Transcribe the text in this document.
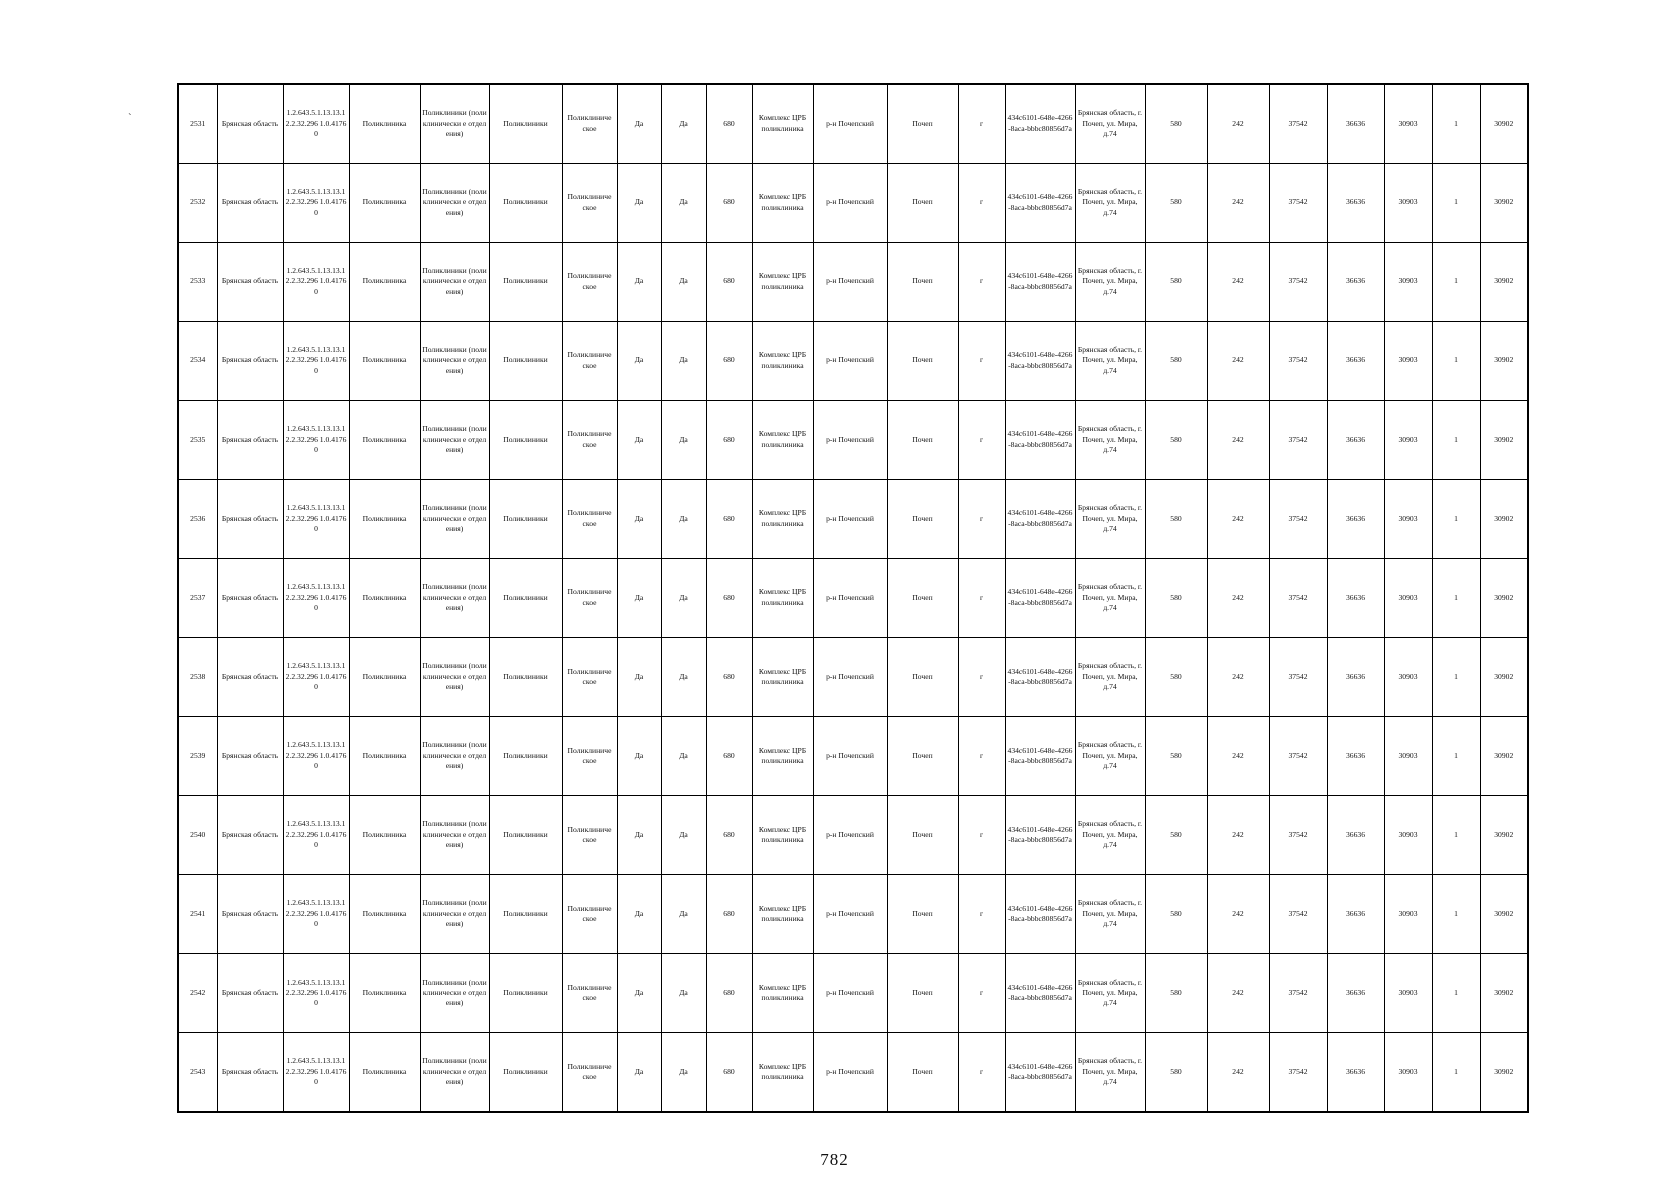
`	2531	Брянская область	1.2.643.5.1.13.13.12.2.32.296 1.0.41760	Поликлиника	Поликлиники (поликлинически е отделения)	Поликлиники	Поликлиниче ское	Да	Да	680	Комплекс ЦРБ поликлиника	р-н Почепский	Почеп	г	434c6101-648e-4266-8aca-bbbc80856d7a	Брянская область, г. Почеп, ул. Мира, д.74	580	242	37542	36636	30903	1	30902
2532	Брянская область	1.2.643.5.1.13.13.12.2.32.296 1.0.41760	Поликлиника	Поликлиники (поликлинически е отделения)	Поликлиники	Поликлиниче ское	Да	Да	680	Комплекс ЦРБ поликлиника	р-н Почепский	Почеп	г	434c6101-648e-4266-8aca-bbbc80856d7a	Брянская область, г. Почеп, ул. Мира, д.74	580	242	37542	36636	30903	1	30902
2533	Брянская область	1.2.643.5.1.13.13.12.2.32.296 1.0.41760	Поликлиника	Поликлиники (поликлинически е отделения)	Поликлиники	Поликлиниче ское	Да	Да	680	Комплекс ЦРБ поликлиника	р-н Почепский	Почеп	г	434c6101-648e-4266-8aca-bbbc80856d7a	Брянская область, г. Почеп, ул. Мира, д.74	580	242	37542	36636	30903	1	30902
2534	Брянская область	1.2.643.5.1.13.13.12.2.32.296 1.0.41760	Поликлиника	Поликлиники (поликлинически е отделения)	Поликлиники	Поликлиниче ское	Да	Да	680	Комплекс ЦРБ поликлиника	р-н Почепский	Почеп	г	434c6101-648e-4266-8aca-bbbc80856d7a	Брянская область, г. Почеп, ул. Мира, д.74	580	242	37542	36636	30903	1	30902
2535	Брянская область	1.2.643.5.1.13.13.12.2.32.296 1.0.41760	Поликлиника	Поликлиники (поликлинически е отделения)	Поликлиники	Поликлиниче ское	Да	Да	680	Комплекс ЦРБ поликлиника	р-н Почепский	Почеп	г	434c6101-648e-4266-8aca-bbbc80856d7a	Брянская область, г. Почеп, ул. Мира, д.74	580	242	37542	36636	30903	1	30902
2536	Брянская область	1.2.643.5.1.13.13.12.2.32.296 1.0.41760	Поликлиника	Поликлиники (поликлинически е отделения)	Поликлиники	Поликлиниче ское	Да	Да	680	Комплекс ЦРБ поликлиника	р-н Почепский	Почеп	г	434c6101-648e-4266-8aca-bbbc80856d7a	Брянская область, г. Почеп, ул. Мира, д.74	580	242	37542	36636	30903	1	30902
2537	Брянская область	1.2.643.5.1.13.13.12.2.32.296 1.0.41760	Поликлиника	Поликлиники (поликлинически е отделения)	Поликлиники	Поликлиниче ское	Да	Да	680	Комплекс ЦРБ поликлиника	р-н Почепский	Почеп	г	434c6101-648e-4266-8aca-bbbc80856d7a	Брянская область, г. Почеп, ул. Мира, д.74	580	242	37542	36636	30903	1	30902
2538	Брянская область	1.2.643.5.1.13.13.12.2.32.296 1.0.41760	Поликлиника	Поликлиники (поликлинически е отделения)	Поликлиники	Поликлиниче ское	Да	Да	680	Комплекс ЦРБ поликлиника	р-н Почепский	Почеп	г	434c6101-648e-4266-8aca-bbbc80856d7a	Брянская область, г. Почеп, ул. Мира, д.74	580	242	37542	36636	30903	1	30902
2539	Брянская область	1.2.643.5.1.13.13.12.2.32.296 1.0.41760	Поликлиника	Поликлиники (поликлинически е отделения)	Поликлиники	Поликлиниче ское	Да	Да	680	Комплекс ЦРБ поликлиника	р-н Почепский	Почеп	г	434c6101-648e-4266-8aca-bbbc80856d7a	Брянская область, г. Почеп, ул. Мира, д.74	580	242	37542	36636	30903	1	30902
2540	Брянская область	1.2.643.5.1.13.13.12.2.32.296 1.0.41760	Поликлиника	Поликлиники (поликлинически е отделения)	Поликлиники	Поликлиниче ское	Да	Да	680	Комплекс ЦРБ поликлиника	р-н Почепский	Почеп	г	434c6101-648e-4266-8aca-bbbc80856d7a	Брянская область, г. Почеп, ул. Мира, д.74	580	242	37542	36636	30903	1	30902
2541	Брянская область	1.2.643.5.1.13.13.12.2.32.296 1.0.41760	Поликлиника	Поликлиники (поликлинически е отделения)	Поликлиники	Поликлиниче ское	Да	Да	680	Комплекс ЦРБ поликлиника	р-н Почепский	Почеп	г	434c6101-648e-4266-8aca-bbbc80856d7a	Брянская область, г. Почеп, ул. Мира, д.74	580	242	37542	36636	30903	1	30902
2542	Брянская область	1.2.643.5.1.13.13.12.2.32.296 1.0.41760	Поликлиника	Поликлиники (поликлинически е отделения)	Поликлиники	Поликлиниче ское	Да	Да	680	Комплекс ЦРБ поликлиника	р-н Почепский	Почеп	г	434c6101-648e-4266-8aca-bbbc80856d7a	Брянская область, г. Почеп, ул. Мира, д.74	580	242	37542	36636	30903	1	30902
2543	Брянская область	1.2.643.5.1.13.13.12.2.32.296 1.0.41760	Поликлиника	Поликлиники (поликлинически е отделения)	Поликлиники	Поликлиниче ское	Да	Да	680	Комплекс ЦРБ поликлиника	р-н Почепский	Почеп	г	434c6101-648e-4266-8aca-bbbc80856d7a	Брянская область, г. Почеп, ул. Мира, д.74	580	242	37542	36636	30903	1	30902
782
